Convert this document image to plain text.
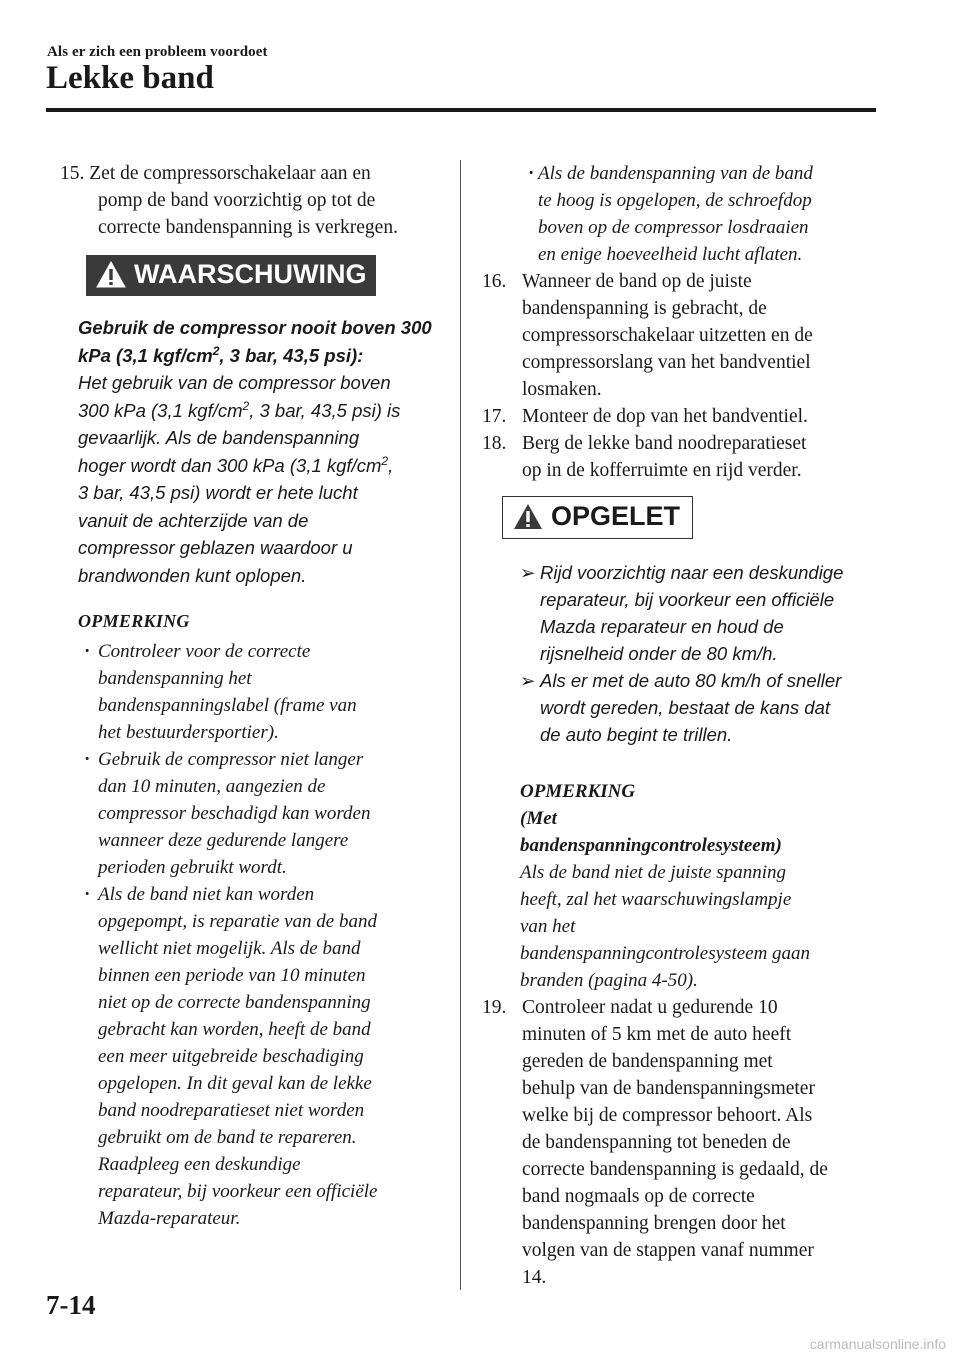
Als er zich een probleem voordoet
Lekke band
15. Zet de compressorschakelaar aan en
pomp de band voorzichtig op tot de
correcte bandenspanning is verkregen.
WAARSCHUWING
Gebruik de compressor nooit boven 300
kPa (3,1 kgf/$cm^2$, 3 bar, 43,5 psi):
Het gebruik van de compressor boven
300 kPa (3,1 kgf/$cm^2$, 3 bar, 43,5 psi) is
gevaarlijk. Als de bandenspanning
hoger wordt dan 300 kPa (3,1 kgf/$cm^2$,
3 bar, 43,5 psi) wordt er hete lucht
vanuit de achterzijde van de
compressor geblazen waardoor u
brandwonden kunt oplopen.
OPMERKING
· Controleer voor de correcte
bandenspanning het
bandenspanningslabel (frame van
het bestuurdersportier).
· Gebruik de compressor niet langer
dan 10 minuten, aangezien de
compressor beschadigd kan worden
wanneer deze gedurende langere
perioden gebruikt wordt.
· Als de band niet kan worden
opgepompt, is reparatie van de band
wellicht niet mogelijk. Als de band
binnen een periode van 10 minuten
niet op de correcte bandenspanning
gebracht kan worden, heeft de band
een meer uitgebreide beschadiging
opgelopen. In dit geval kan de lekke
band noodreparatieset niet worden
gebruikt om de band te repareren.
Raadpleeg een deskundige
reparateur, bij voorkeur een officiële
Mazda-reparateur.
· Als de bandenspanning van de band
te hoog is opgelopen, de schroefdop
boven op de compressor losdraaien
en enige hoeveelheid lucht aflaten.
16. Wanneer de band op de juiste
bandenspanning is gebracht, de
compressorschakelaar uitzetten en de
compressorslang van het bandventiel
losmaken.
17. Monteer de dop van het bandventiel.
18. Berg de lekke band noodreparatieset
op in de kofferruimte en rijd verder.
OPGELET
➢ Rijd voorzichtig naar een deskundige
reparateur, bij voorkeur een officiële
Mazda reparateur en houd de
rijsnelheid onder de 80 km/h.
➢ Als er met de auto 80 km/h of sneller
wordt gereden, bestaat de kans dat
de auto begint te trillen.
OPMERKING
(Met
bandenspanningcontrolesysteem)
Als de band niet de juiste spanning
heeft, zal het waarschuwingslampje
van het
bandenspanningcontrolesysteem gaan
branden (pagina 4-50).
19. Controleer nadat u gedurende 10
minuten of 5 km met de auto heeft
gereden de bandenspanning met
behulp van de bandenspanningsmeter
welke bij de compressor behoort. Als
de bandenspanning tot beneden de
correcte bandenspanning is gedaald, de
band nogmaals op de correcte
bandenspanning brengen door het
volgen van de stappen vanaf nummer
14.
7-14
carmanualsonline.info
